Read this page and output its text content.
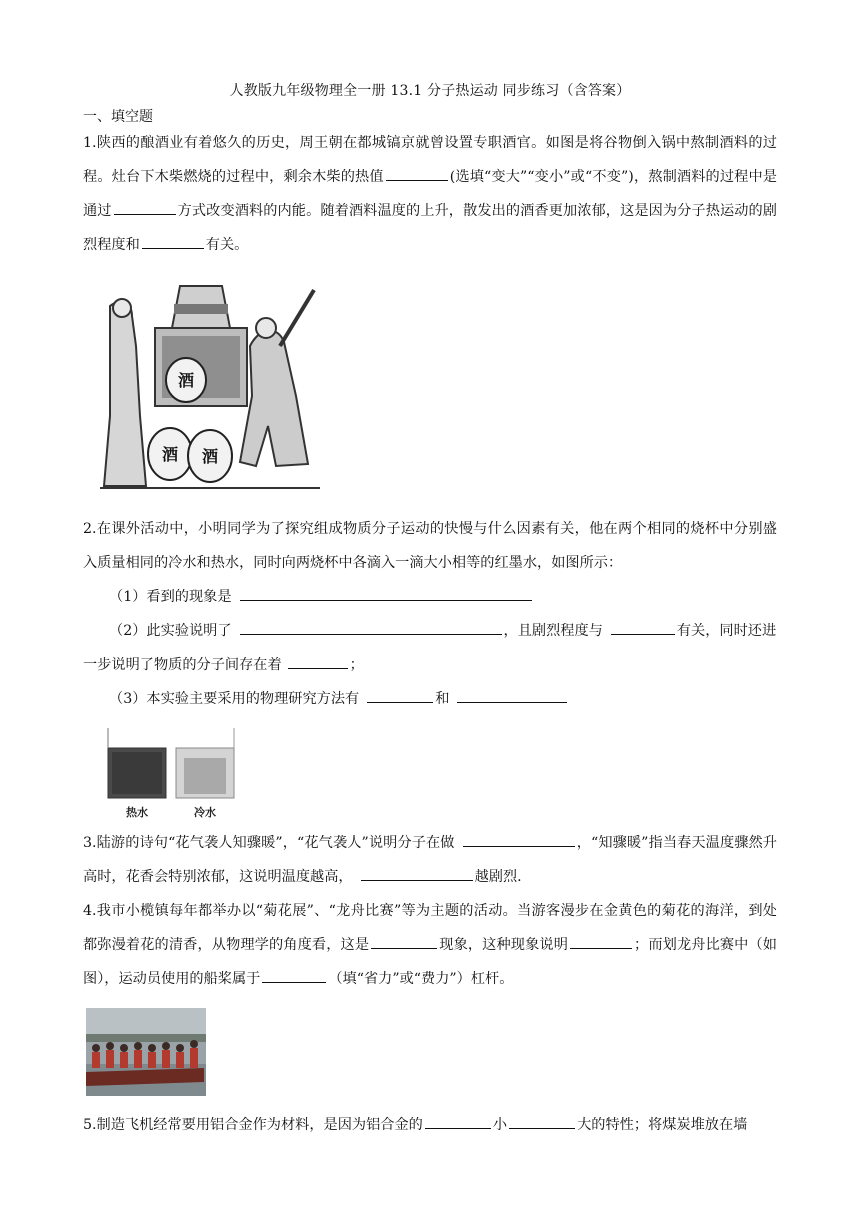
人教版九年级物理全一册 13.1 分子热运动 同步练习（含答案）
一、填空题
1.陕西的酿酒业有着悠久的历史，周王朝在都城镐京就曾设置专职酒官。如图是将谷物倒入锅中熬制酒料的过程。灶台下木柴燃烧的过程中，剩余木柴的热值	(选填“变大”“变小”或“不变”)，熬制酒料的过程中是通过	方式改变酒料的内能。随着酒料温度的上升，散发出的酒香更加浓郁，这是因为分子热运动的剧烈程度和	有关。
酒
酒 酒
2.在课外活动中，小明同学为了探究组成物质分子运动的快慢与什么因素有关，他在两个相同的烧杯中分别盛入质量相同的冷水和热水，同时向两烧杯中各滴入一滴大小相等的红墨水，如图所示：
（1）看到的现象是
（2）此实验说明了	，且剧烈程度与	有关，同时还进一步说明了物质的分子间存在着	；
（3）本实验主要采用的物理研究方法有	和
热水	冷水
3.陆游的诗句“花气袭人知骤暖”，“花气袭人”说明分子在做	，“知骤暖”指当春天温度骤然升高时，花香会特别浓郁，这说明温度越高，	越剧烈.
4.我市小榄镇每年都举办以“菊花展”、“龙舟比赛”等为主题的活动。当游客漫步在金黄色的菊花的海洋，到处都弥漫着花的清香，从物理学的角度看，这是	现象，这种现象说明	；而划龙舟比赛中（如图），运动员使用的船桨属于	（填“省力”或“费力”）杠杆。
5.制造飞机经常要用铝合金作为材料，是因为铝合金的	小	大的特性；将煤炭堆放在墙
